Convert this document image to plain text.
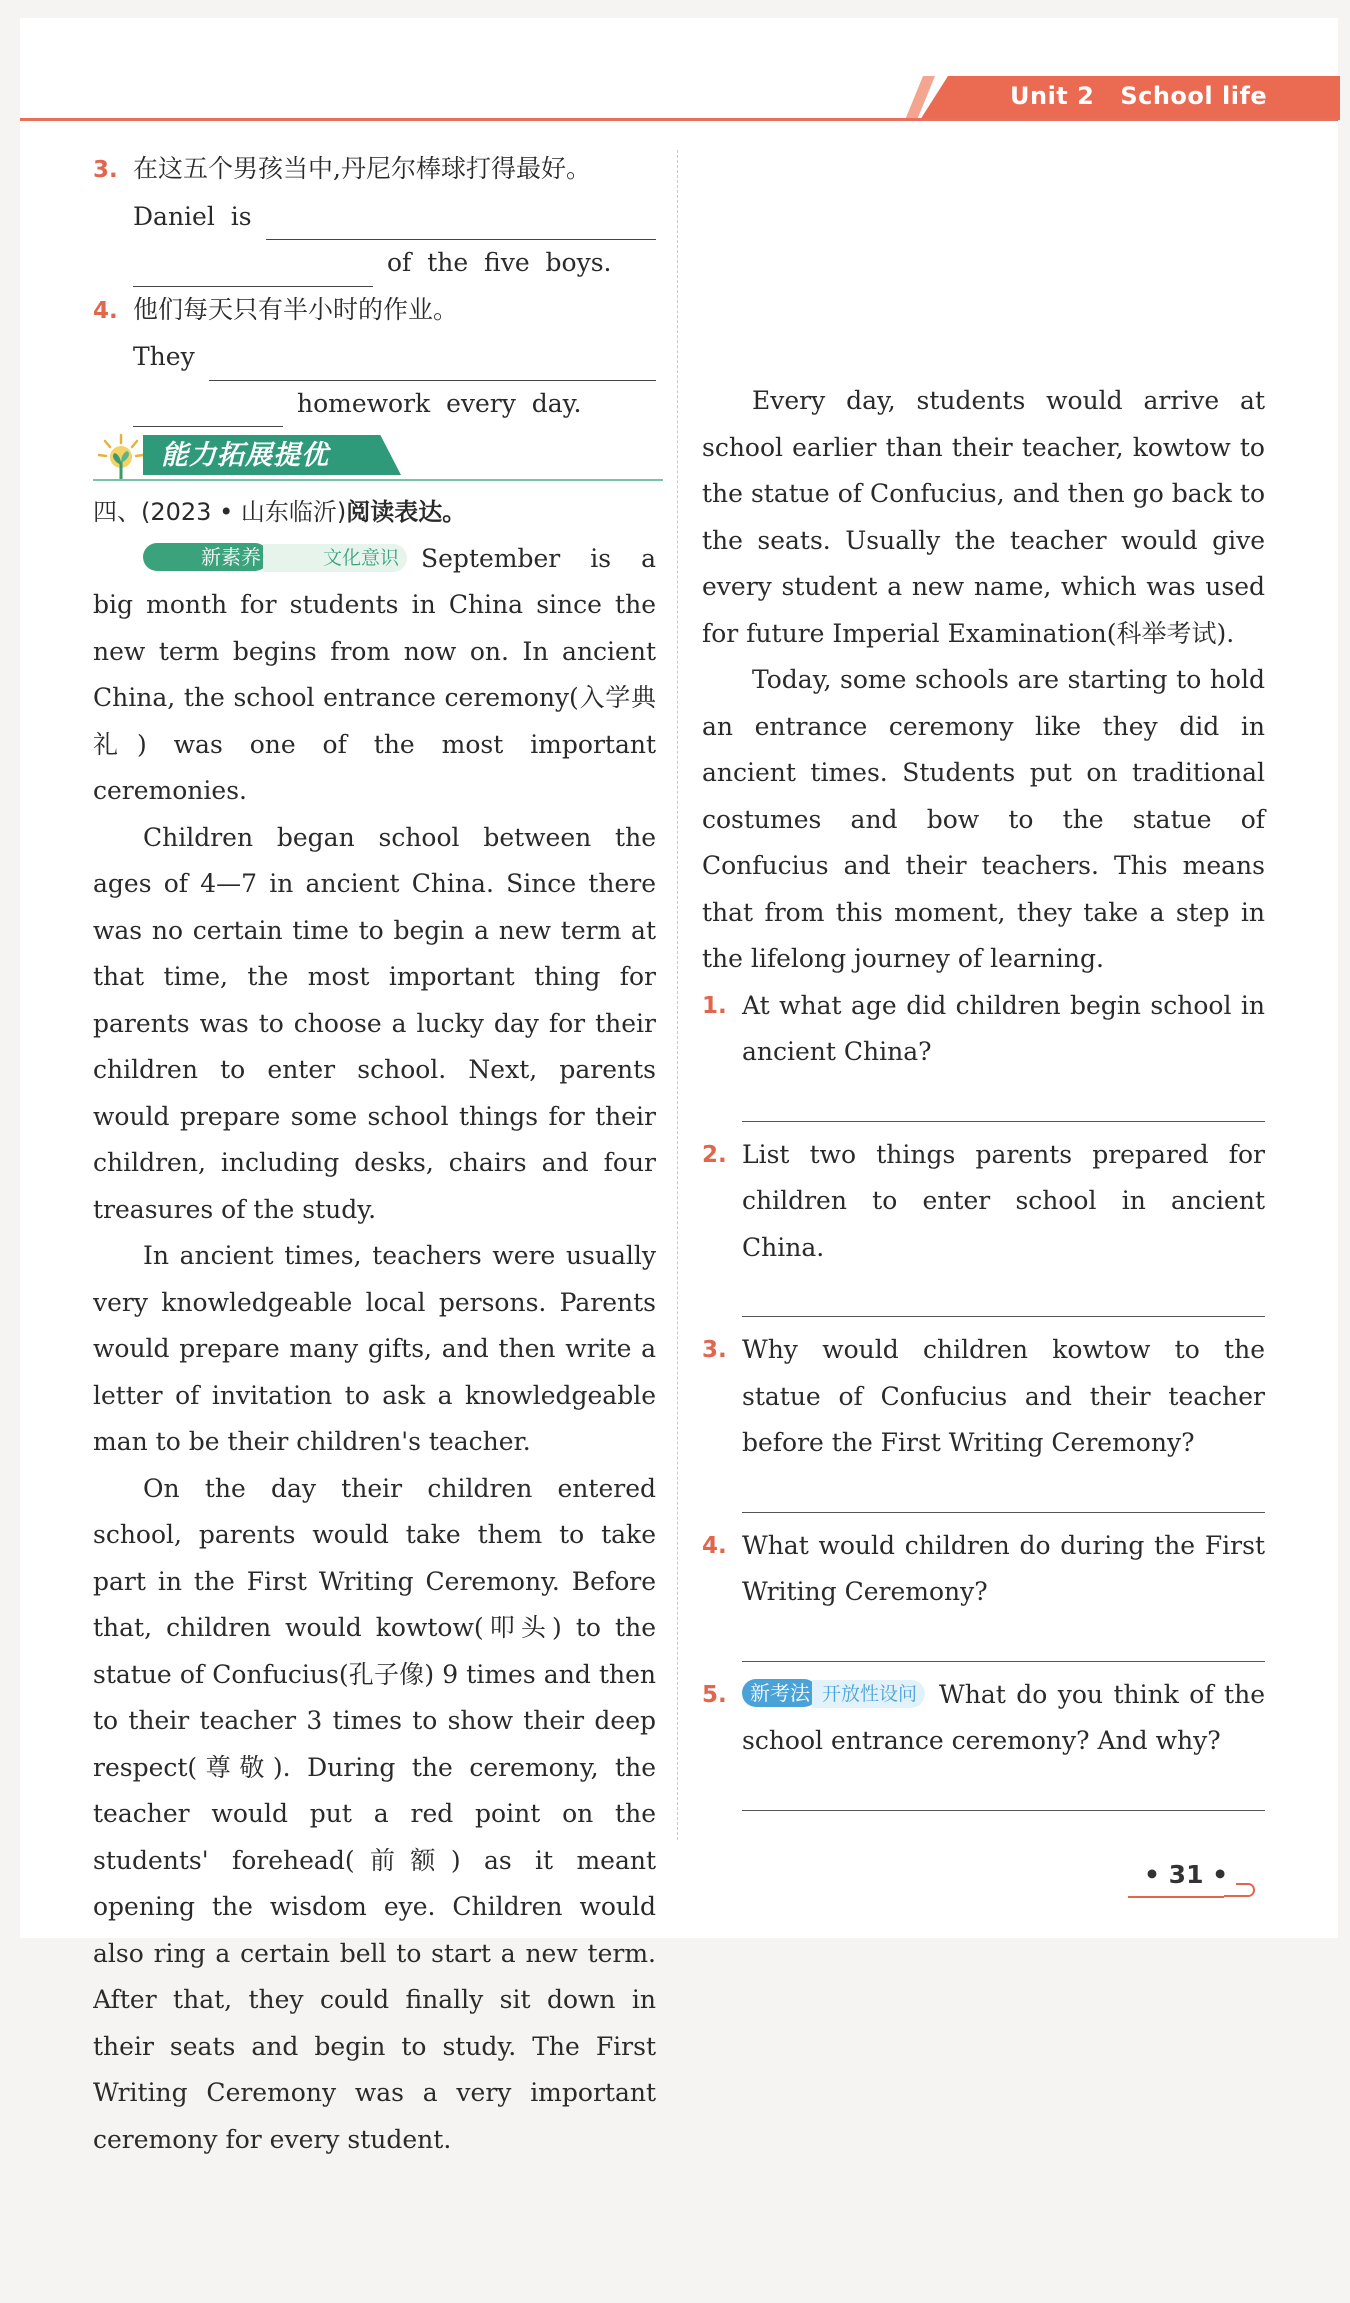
Unit 2 School life
3. 在这五个男孩当中,丹尼尔棒球打得最好。
Daniel  is
of  the  five  boys.
4. 他们每天只有半小时的作业。
They
homework  every  day.
能力拓展提优
四、(2023 • 山东临沂)阅读表达。

新素养	文化意识 September is a big month for students in China since the new term begins from now on. In ancient China, the school entrance ceremony(入学典礼) was one of the most important ceremonies.

Children began school between the ages of 4—7 in ancient China. Since there was no certain time to begin a new term at that time, the most important thing for parents was to choose a lucky day for their children to enter school. Next, parents would prepare some school things for their children, including desks, chairs and four treasures of the study.

In ancient times, teachers were usually very knowledgeable local persons. Parents would prepare many gifts, and then write a letter of invitation to ask a knowledgeable man to be their children's teacher.

On the day their children entered school, parents would take them to take part in the First Writing Ceremony. Before that, children would kowtow(叩头) to the statue of Confucius(孔子像) 9 times and then to their teacher 3 times to show their deep respect(尊敬). During the ceremony, the teacher would put a red point on the students' forehead(前额) as it meant opening the wisdom eye. Children would also ring a certain bell to start a new term. After that, they could finally sit down in their seats and begin to study. The First Writing Ceremony was a very important ceremony for every student.

Every day, students would arrive at school earlier than their teacher, kowtow to the statue of Confucius, and then go back to the seats. Usually the teacher would give every student a new name, which was used for future Imperial Examination(科举考试).

Today, some schools are starting to hold an entrance ceremony like they did in ancient times. Students put on traditional costumes and bow to the statue of Confucius and their teachers. This means that from this moment, they take a step in the lifelong journey of learning.

1. At what age did children begin school in ancient China?
2. List two things parents prepared for children to enter school in ancient China.
3. Why would children kowtow to the statue of Confucius and their teacher before the First Writing Ceremony?
4. What would children do during the First Writing Ceremony?
5.	新考法 开放性设问 What do you think of the school entrance ceremony? And why?
• 31 •
